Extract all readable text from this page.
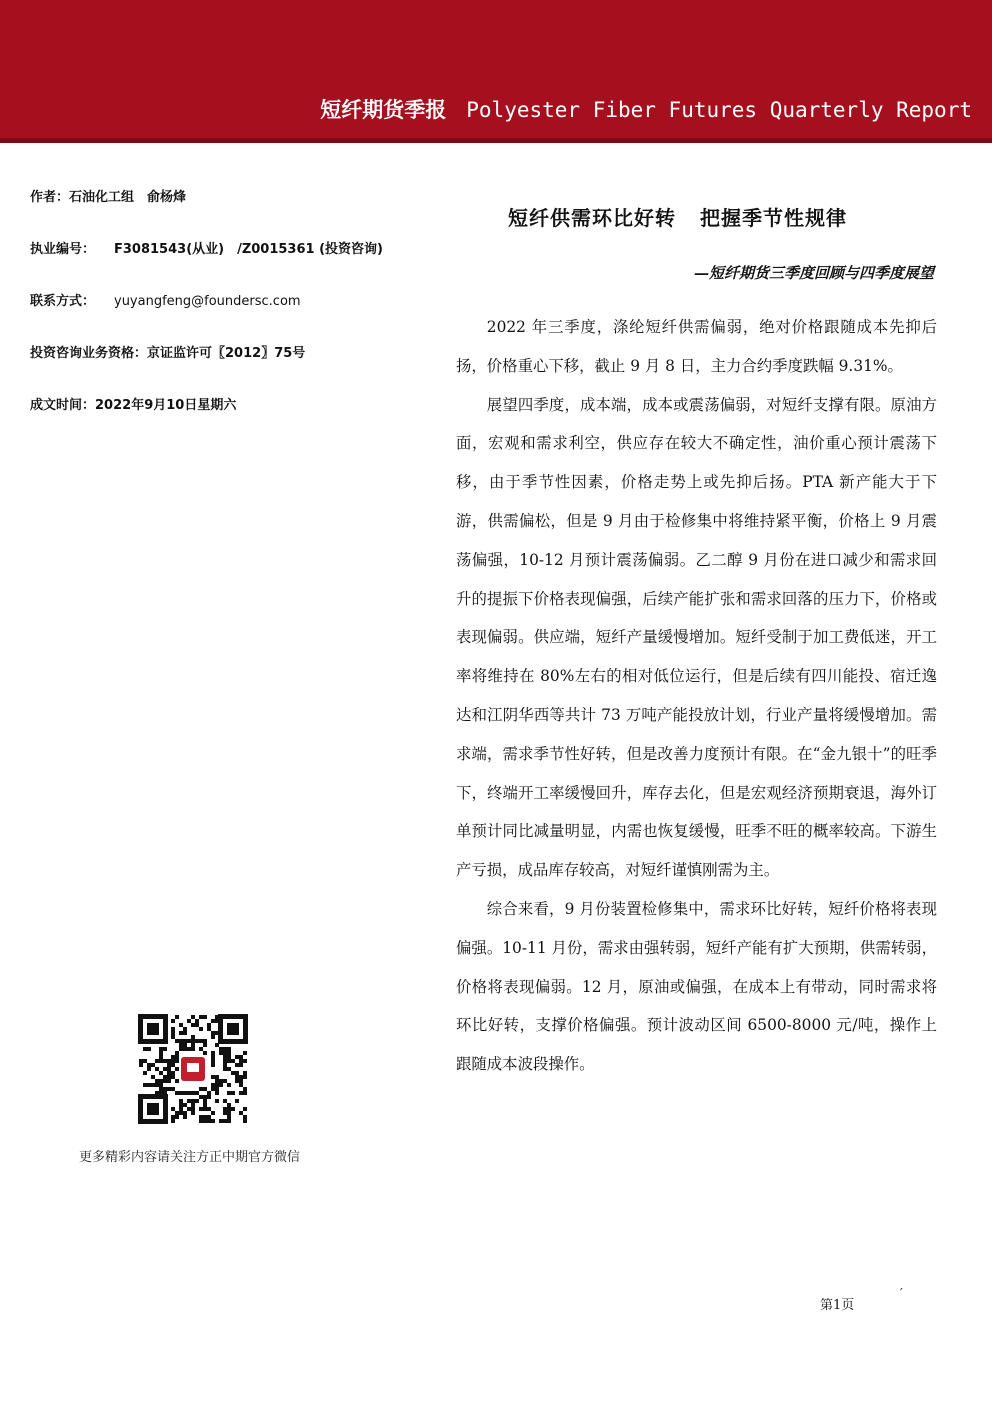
短纤期货季报 Polyester Fiber Futures Quarterly Report
作者：石油化工组　俞杨烽
执业编号： F3081543(从业)　/Z0015361 (投资咨询)
联系方式： yuyangfeng@foundersc.com
投资咨询业务资格：京证监许可〖2012〗75号
成文时间：2022年9月10日星期六
短纤供需环比好转 把握季节性规律
—短纤期货三季度回顾与四季度展望

2022 年三季度，涤纶短纤供需偏弱，绝对价格跟随成本先抑后扬，价格重心下移，截止 9 月 8 日，主力合约季度跌幅 9.31%。

展望四季度，成本端，成本或震荡偏弱，对短纤支撑有限。原油方面，宏观和需求利空，供应存在较大不确定性，油价重心预计震荡下移，由于季节性因素，价格走势上或先抑后扬。PTA 新产能大于下游，供需偏松，但是 9 月由于检修集中将维持紧平衡，价格上 9 月震荡偏强，10-12 月预计震荡偏弱。乙二醇 9 月份在进口减少和需求回升的提振下价格表现偏强，后续产能扩张和需求回落的压力下，价格或表现偏弱。供应端，短纤产量缓慢增加。短纤受制于加工费低迷，开工率将维持在 80%左右的相对低位运行，但是后续有四川能投、宿迁逸达和江阴华西等共计 73 万吨产能投放计划，行业产量将缓慢增加。需求端，需求季节性好转，但是改善力度预计有限。在“金九银十”的旺季下，终端开工率缓慢回升，库存去化，但是宏观经济预期衰退，海外订单预计同比减量明显，内需也恢复缓慢，旺季不旺的概率较高。下游生产亏损，成品库存较高，对短纤谨慎刚需为主。

综合来看，9 月份装置检修集中，需求环比好转，短纤价格将表现偏强。10-11 月份，需求由强转弱，短纤产能有扩大预期，供需转弱，价格将表现偏弱。12 月，原油或偏强，在成本上有带动，同时需求将环比好转，支撑价格偏强。预计波动区间 6500-8000 元/吨，操作上跟随成本波段操作。

更多精彩内容请关注方正中期官方微信
第1页
′
